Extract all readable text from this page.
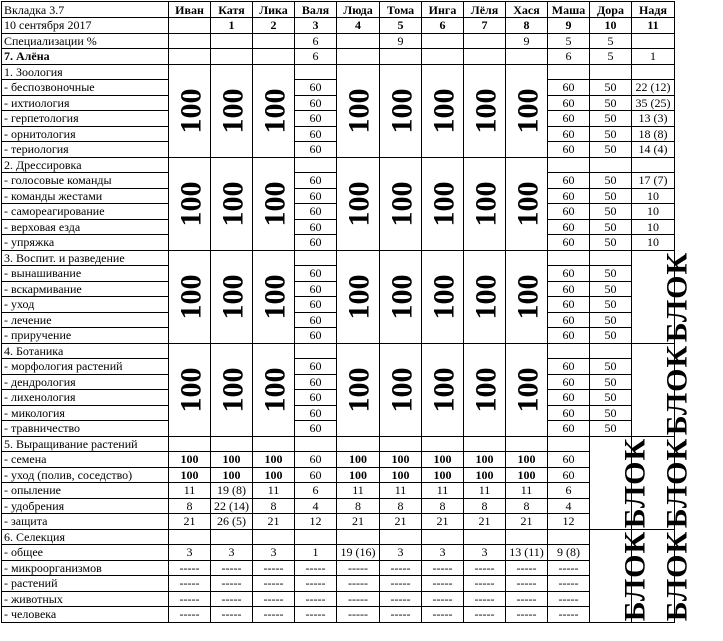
Вкладка 3.7	Иван	Катя	Лика	Валя	Люда	Тома	Инга	Лёля	Хася	Маша	Дора	Надя
10 сентября 2017		1	2	3	4	5	6	7	8	9	10	11
Специализации %				6		9			9	5	5	
7. Алёна				6						6	5	1
1. Зоология	100	100	100		100	100	100	100	100			
- беспозвоночные				60						60	50	22 (12)
- ихтиология				60						60	50	35 (25)
- герпетология				60						60	50	13 (3)
- орнитология				60						60	50	18 (8)
- териология				60						60	50	14 (4)
2. Дрессировка	100	100	100		100	100	100	100	100			
- голосовые команды				60						60	50	17 (7)
- команды жестами				60						60	50	10
- самореагирование				60						60	50	10
- верховая езда				60						60	50	10
- упряжка				60						60	50	10
3. Воспит. и разведение	100	100	100		100	100	100	100	100			БЛОК
- вынашивание				60						60	50	
- вскармивание				60						60	50	
- уход				60						60	50	
- лечение				60						60	50	
- приручение				60						60	50	
4. Ботаника	100	100	100		100	100	100	100	100			БЛОК
- морфология растений				60						60	50	
- дендрология				60						60	50	
- лихенология				60						60	50	
- микология				60						60	50	
- травничество				60						60	50	
5. Выращивание растений											БЛОК	БЛОК
- семена	100	100	100	60	100	100	100	100	100	60		
- уход (полив, соседство)	100	100	100	60	100	100	100	100	100	60		
- опыление	11	19 (8)	11	6	11	11	11	11	11	6		
- удобрения	8	22 (14)	8	4	8	8	8	8	8	4		
- защита	21	26 (5)	21	12	21	21	21	21	21	12		
6. Селекция											БЛОК	БЛОК
- общее	3	3	3	1	19 (16)	3	3	3	13 (11)	9 (8)		
- микроорганизмов	-----	-----	-----	-----	-----	-----	-----	-----	-----	-----		
- растений	-----	-----	-----	-----	-----	-----	-----	-----	-----	-----		
- животных	-----	-----	-----	-----	-----	-----	-----	-----	-----	-----		
- человека	-----	-----	-----	-----	-----	-----	-----	-----	-----	-----		
